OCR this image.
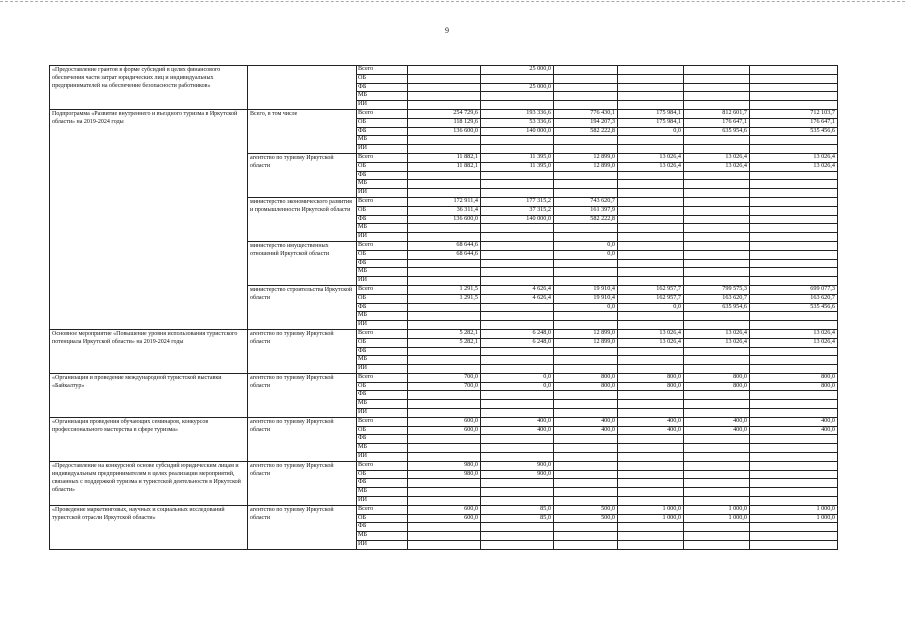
9
«Предоставление грантов в форме субсидий в целях финансового обеспечения части затрат юридических лиц и индивидуальных предпринимателей на обеспечение безопасности работников»		Всего		25 000,0				
		ОБ						
		ФБ		25 000,0				
		МБ						
		ИИ						
Подпрограмма «Развитие внутреннего и въездного туризма в Иркутской области» на 2019-2024 годы	Всего, в том числе	Всего	254 729,6	193 336,6	776 430,1	175 984,1	812 601,7	712 103,7
		ОБ	118 129,6	53 336,6	194 207,3	175 984,1	176 647,1	176 647,1
		ФБ	136 600,0	140 000,0	582 222,8	0,0	635 954,6	535 456,6
		МБ						
		ИИ						
	агентство по туризму Иркутской области	Всего	11 882,1	11 395,0	12 899,0	13 026,4	13 026,4	13 026,4
		ОБ	11 882,1	11 395,0	12 899,0	13 026,4	13 026,4	13 026,4
		ФБ						
		МБ						
		ИИ						
	министерство экономического развития и промышленности Иркутской области	Всего	172 911,4	177 315,2	743 620,7			
		ОБ	36 311,4	37 315,2	161 397,9			
		ФБ	136 600,0	140 000,0	582 222,8			
		МБ						
		ИИ						
	министерство имущественных отношений Иркутской области	Всего	68 644,6		0,0			
		ОБ	68 644,6		0,0			
		ФБ						
		МБ						
		ИИ						
	министерство строительства Иркутской области	Всего	1 291,5	4 626,4	19 910,4	162 957,7	799 575,3	699 077,3
		ОБ	1 291,5	4 626,4	19 910,4	162 957,7	163 620,7	163 620,7
		ФБ			0,0	0,0	635 954,6	535 456,6
		МБ						
		ИИ						
Основное мероприятие «Повышение уровня использования туристского потенциала Иркутской области» на 2019-2024 годы	агентство по туризму Иркутской области	Всего	5 282,1	6 248,0	12 899,0	13 026,4	13 026,4	13 026,4
		ОБ	5 282,1	6 248,0	12 899,0	13 026,4	13 026,4	13 026,4
		ФБ						
		МБ						
		ИИ						
«Организация и проведение международной туристской выставки «Байкалтур»	агентство по туризму Иркутской области	Всего	700,0	0,0	800,0	800,0	800,0	800,0
		ОБ	700,0	0,0	800,0	800,0	800,0	800,0
		ФБ						
		МБ						
		ИИ						
«Организация проведения обучающих семинаров, конкурсов профессионального мастерства в сфере туризма»	агентство по туризму Иркутской области	Всего	600,0	400,0	400,0	400,0	400,0	400,0
		ОБ	600,0	400,0	400,0	400,0	400,0	400,0
		ФБ						
		МБ						
		ИИ						
«Предоставление на конкурсной основе субсидий юридическим лицам и индивидуальным предпринимателям в целях реализации мероприятий, связанных с поддержкой туризма и туристской деятельности в Иркутской области»	агентство по туризму Иркутской области	Всего	980,0	900,0				
		ОБ	980,0	900,0				
		ФБ						
		МБ						
		ИИ						
«Проведение маркетинговых, научных и социальных исследований туристской отрасли Иркутской области»	агентство по туризму Иркутской области	Всего	600,0	85,0	500,0	1 000,0	1 000,0	1 000,0
		ОБ	600,0	85,0	500,0	1 000,0	1 000,0	1 000,0
		ФБ						
		МБ						
		ИИ						
